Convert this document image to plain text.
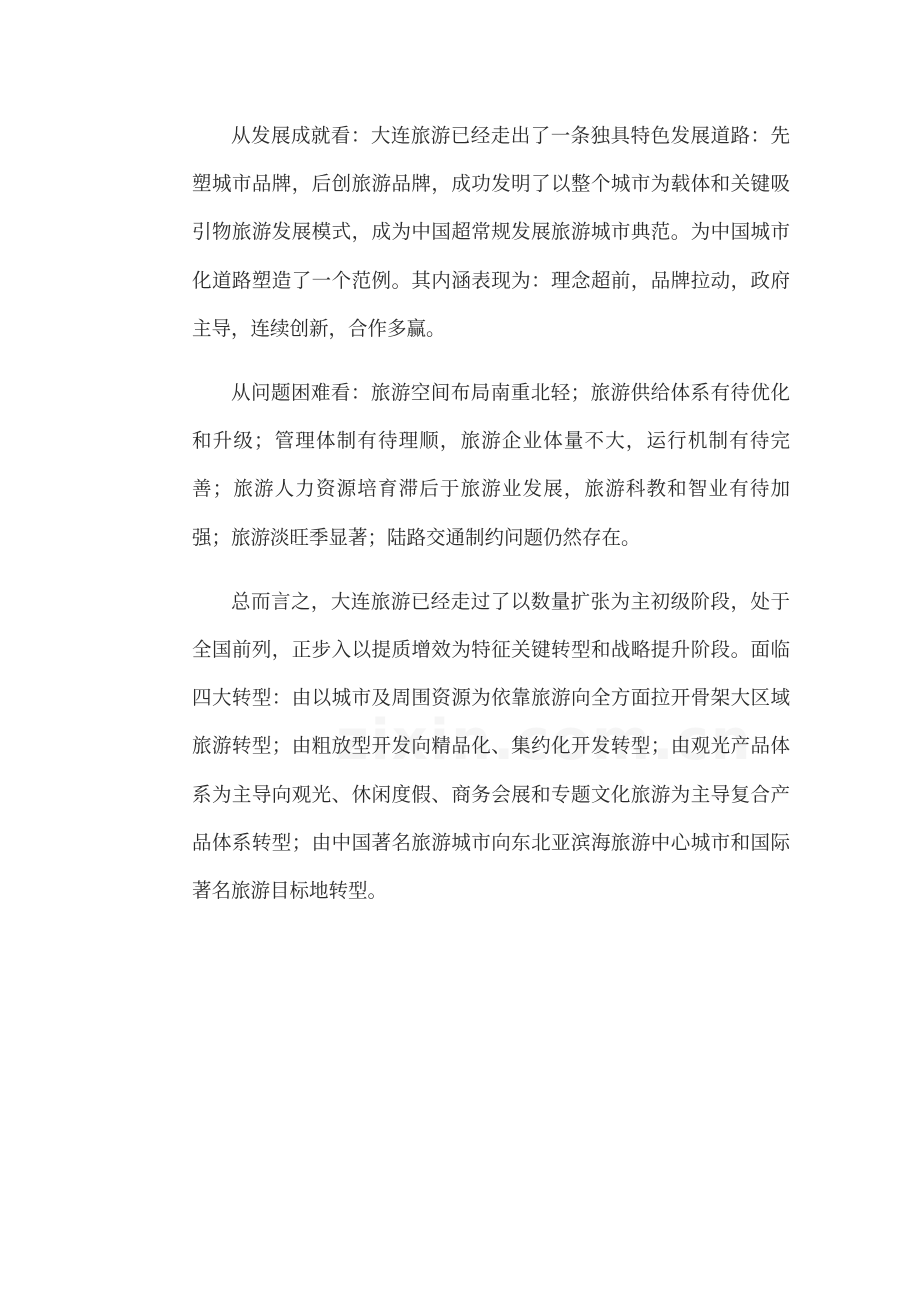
从发展成就看：大连旅游已经走出了一条独具特色发展道路：先塑城市品牌，后创旅游品牌，成功发明了以整个城市为载体和关键吸引物旅游发展模式，成为中国超常规发展旅游城市典范。为中国城市化道路塑造了一个范例。其内涵表现为：理念超前，品牌拉动，政府主导，连续创新，合作多赢。

从问题困难看：旅游空间布局南重北轻；旅游供给体系有待优化和升级；管理体制有待理顺，旅游企业体量不大，运行机制有待完善；旅游人力资源培育滞后于旅游业发展，旅游科教和智业有待加强；旅游淡旺季显著；陆路交通制约问题仍然存在。

总而言之，大连旅游已经走过了以数量扩张为主初级阶段，处于全国前列，正步入以提质增效为特征关键转型和战略提升阶段。面临四大转型：由以城市及周围资源为依靠旅游向全方面拉开骨架大区域旅游转型；由粗放型开发向精品化、集约化开发转型；由观光产品体系为主导向观光、休闲度假、商务会展和专题文化旅游为主导复合产品体系转型；由中国著名旅游城市向东北亚滨海旅游中心城市和国际著名旅游目标地转型。
